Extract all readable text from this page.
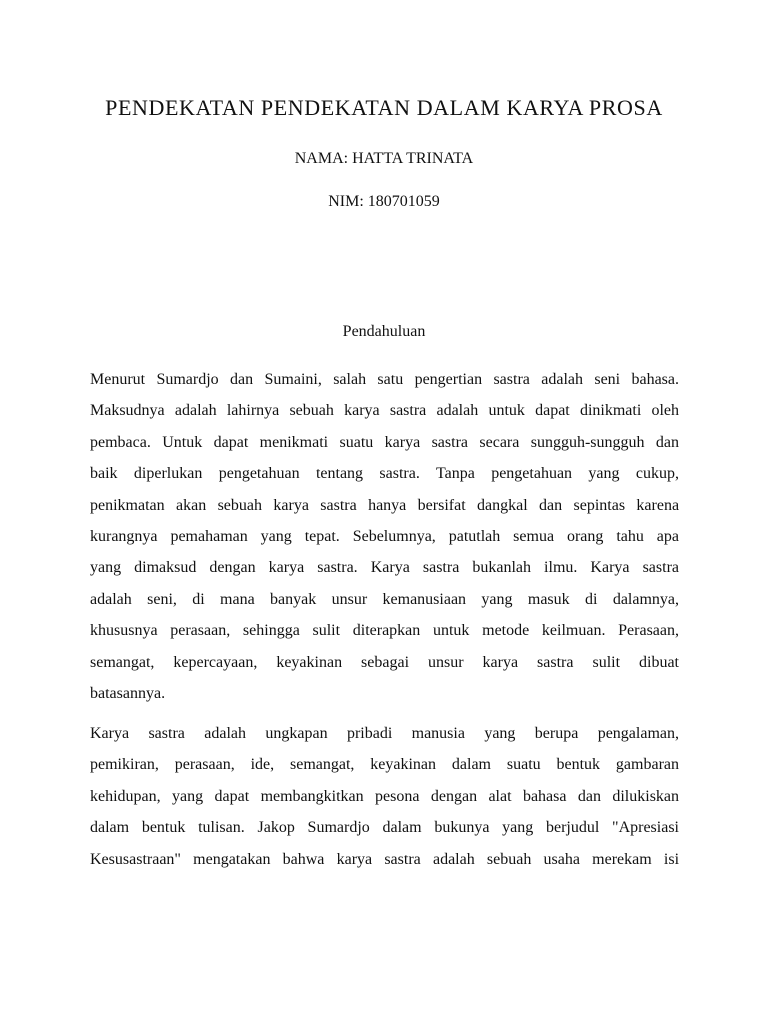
PENDEKATAN PENDEKATAN DALAM KARYA PROSA

NAMA: HATTA TRINATA

NIM: 180701059

Pendahuluan
Menurut Sumardjo dan Sumaini, salah satu pengertian sastra adalah seni bahasa.
Maksudnya adalah lahirnya sebuah karya sastra adalah untuk dapat dinikmati oleh
pembaca. Untuk dapat menikmati suatu karya sastra secara sungguh-sungguh dan
baik diperlukan pengetahuan tentang sastra. Tanpa pengetahuan yang cukup,
penikmatan akan sebuah karya sastra hanya bersifat dangkal dan sepintas karena
kurangnya pemahaman yang tepat. Sebelumnya, patutlah semua orang tahu apa
yang dimaksud dengan karya sastra. Karya sastra bukanlah ilmu. Karya sastra
adalah seni, di mana banyak unsur kemanusiaan yang masuk di dalamnya,
khususnya perasaan, sehingga sulit diterapkan untuk metode keilmuan. Perasaan,
semangat, kepercayaan, keyakinan sebagai unsur karya sastra sulit dibuat
batasannya.
Karya sastra adalah ungkapan pribadi manusia yang berupa pengalaman,
pemikiran, perasaan, ide, semangat, keyakinan dalam suatu bentuk gambaran
kehidupan, yang dapat membangkitkan pesona dengan alat bahasa dan dilukiskan
dalam bentuk tulisan. Jakop Sumardjo dalam bukunya yang berjudul "Apresiasi
Kesusastraan" mengatakan bahwa karya sastra adalah sebuah usaha merekam isi
